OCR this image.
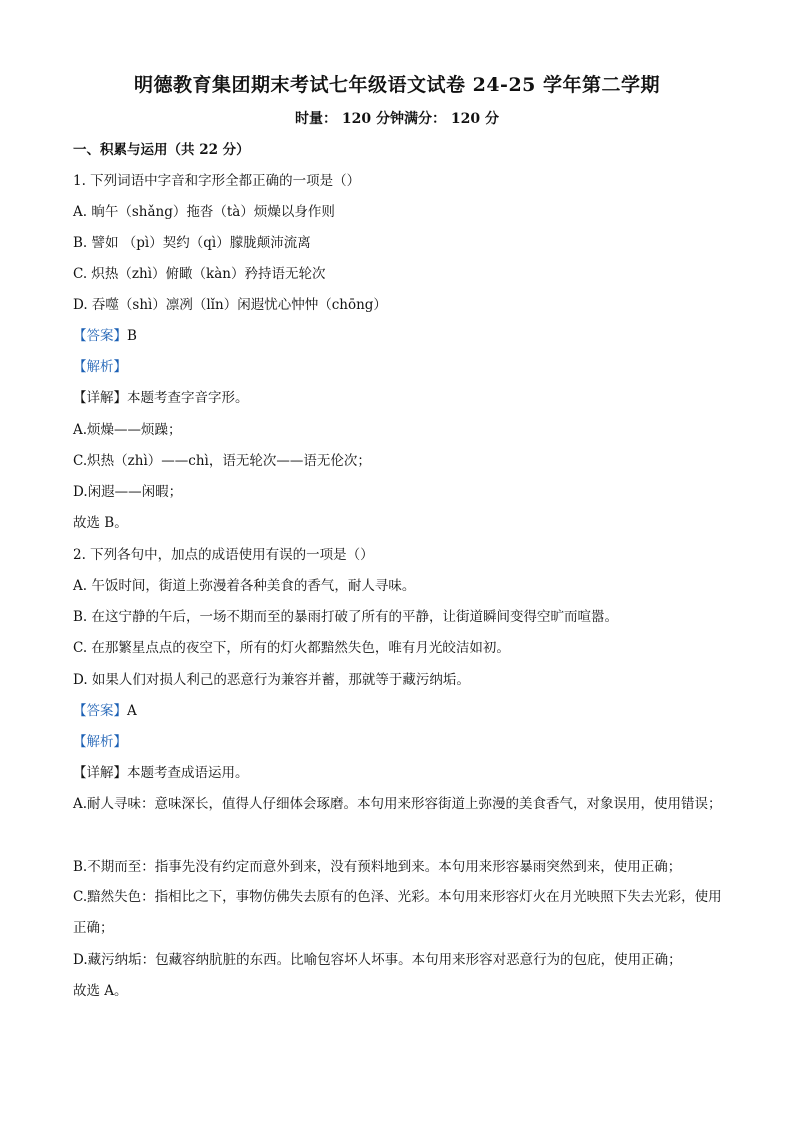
明德教育集团期末考试七年级语文试卷 24-25 学年第二学期
时量： 120 分钟满分： 120 分
一、积累与运用（共 22 分）
1. 下列词语中字音和字形全都正确的一项是（）
A. 晌午（shǎng）拖沓（tà）烦燥以身作则
B. 譬如 （pì）契约（qì）朦胧颠沛流离
C. 炽热（zhì）俯瞰（kàn）矜持语无轮次
D. 吞噬（shì）凛冽（lǐn）闲遐忧心忡忡（chōng）
【答案】B
【解析】
【详解】本题考查字音字形。
A.烦燥——烦躁；
C.炽热（zhì）——chì，语无轮次——语无伦次；
D.闲遐——闲暇；
故选 B。
2. 下列各句中，加点的成语使用有误的一项是（）
A. 午饭时间，街道上弥漫着各种美食的香气，耐人寻味。
B. 在这宁静的午后，一场不期而至的暴雨打破了所有的平静，让街道瞬间变得空旷而喧嚣。
C. 在那繁星点点的夜空下，所有的灯火都黯然失色，唯有月光皎洁如初。
D. 如果人们对损人利己的恶意行为兼容并蓄，那就等于藏污纳垢。
【答案】A
【解析】
【详解】本题考查成语运用。
A.耐人寻味：意味深长，值得人仔细体会琢磨。本句用来形容街道上弥漫的美食香气，对象误用，使用错误；
B.不期而至：指事先没有约定而意外到来，没有预料地到来。本句用来形容暴雨突然到来，使用正确；
C.黯然失色：指相比之下，事物仿佛失去原有的色泽、光彩。本句用来形容灯火在月光映照下失去光彩，使用正确；
D.藏污纳垢：包藏容纳肮脏的东西。比喻包容坏人坏事。本句用来形容对恶意行为的包庇，使用正确；
故选 A。
